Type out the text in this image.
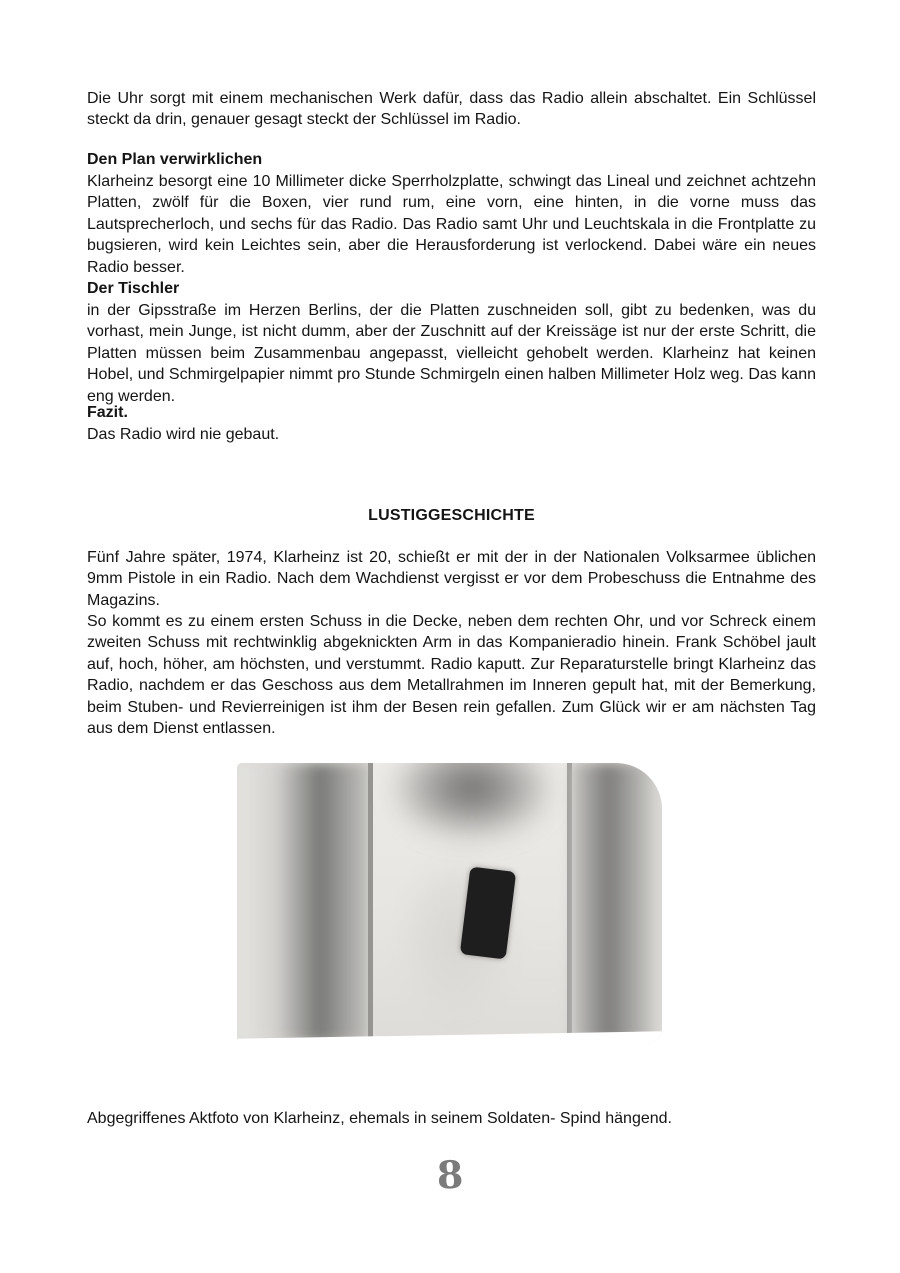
Die Uhr sorgt mit einem mechanischen Werk dafür, dass das Radio allein abschaltet. Ein Schlüssel steckt da drin, genauer gesagt steckt der Schlüssel im Radio.
Den Plan verwirklichen
Klarheinz besorgt eine 10 Millimeter dicke Sperrholzplatte, schwingt das Lineal und zeichnet achtzehn Platten, zwölf für die Boxen, vier rund rum, eine vorn, eine hinten, in die vorne muss das Lautsprecherloch, und sechs für das Radio. Das Radio samt Uhr und Leuchtskala in die Frontplatte zu bugsieren, wird kein Leichtes sein, aber die Herausforderung ist verlockend. Dabei wäre ein neues Radio besser.
Der Tischler
in der Gipsstraße im Herzen Berlins, der die Platten zuschneiden soll, gibt zu bedenken, was du vorhast, mein Junge, ist nicht dumm, aber der Zuschnitt auf der Kreissäge ist nur der erste Schritt, die Platten müssen beim Zusammenbau angepasst, vielleicht gehobelt werden. Klarheinz hat keinen Hobel, und Schmirgelpapier nimmt pro Stunde Schmirgeln einen halben Millimeter Holz weg. Das kann eng werden.
Fazit.
Das Radio wird nie gebaut.
LUSTIGGESCHICHTE
Fünf Jahre später, 1974, Klarheinz ist 20, schießt er mit der in der Nationalen Volksarmee üblichen 9mm Pistole in ein Radio. Nach dem Wachdienst vergisst er vor dem Probeschuss die Entnahme des Magazins.
So kommt es zu einem ersten Schuss in die Decke, neben dem rechten Ohr, und vor Schreck einem zweiten Schuss mit rechtwinklig abgeknickten Arm in das Kompanieradio hinein. Frank Schöbel jault auf, hoch, höher, am höchsten, und verstummt. Radio kaputt. Zur Reparaturstelle bringt Klarheinz das Radio, nachdem er das Geschoss aus dem Metallrahmen im Inneren gepult hat, mit der Bemerkung, beim Stuben- und Revierreinigen ist ihm der Besen rein gefallen. Zum Glück wir er am nächsten Tag aus dem Dienst entlassen.
Abgegriffenes Aktfoto von Klarheinz, ehemals in seinem Soldaten- Spind hängend.
8
